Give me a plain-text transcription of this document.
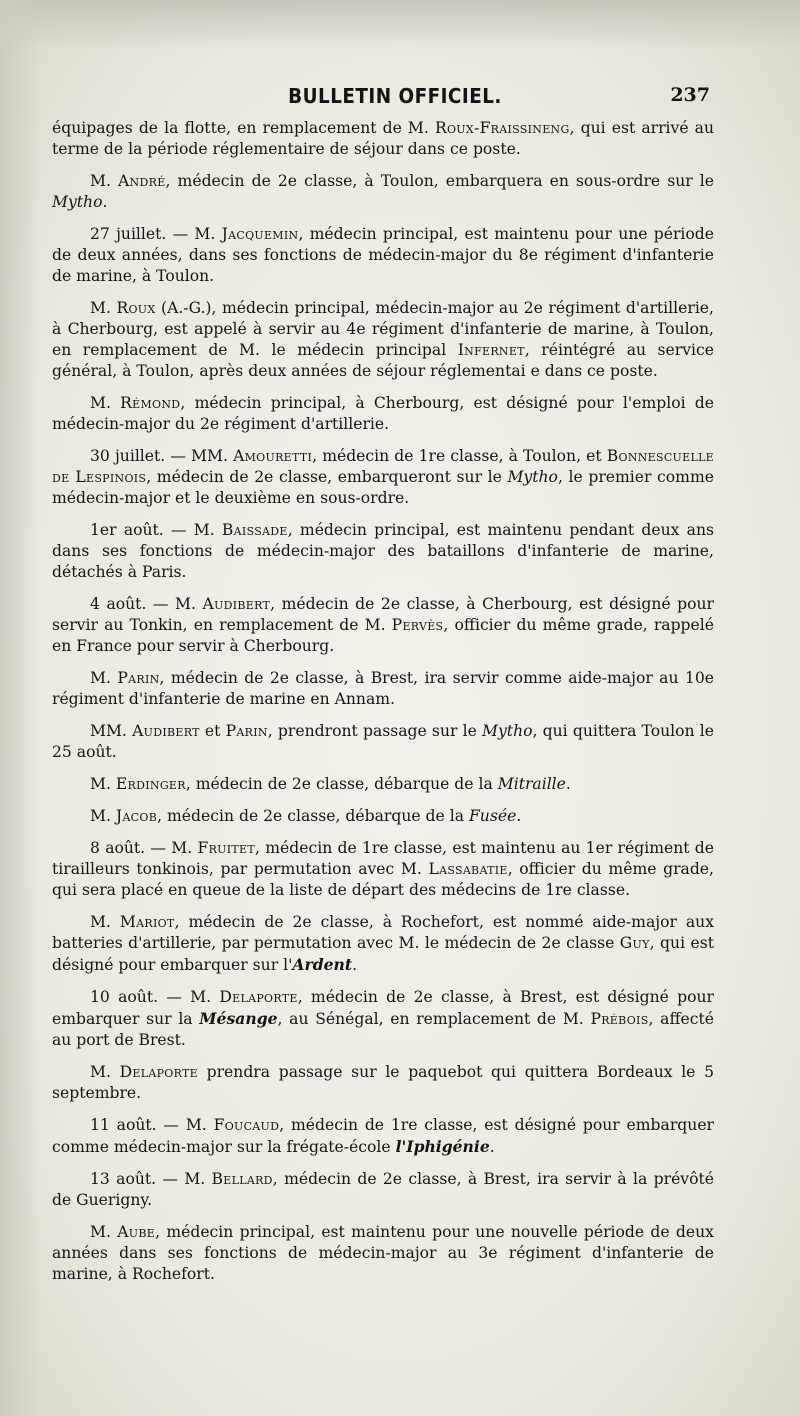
BULLETIN OFFICIEL.	237

équipages de la flotte, en remplacement de M. Roux-Fraissineng, qui est arrivé au terme de la période réglementaire de séjour dans ce poste.

M. André, médecin de 2e classe, à Toulon, embarquera en sous-ordre sur le Mytho.

27 juillet. — M. Jacquemin, médecin principal, est maintenu pour une période de deux années, dans ses fonctions de médecin-major du 8e régiment d'infanterie de marine, à Toulon.

M. Roux (A.-G.), médecin principal, médecin-major au 2e régiment d'artillerie, à Cherbourg, est appelé à servir au 4e régiment d'infanterie de marine, à Toulon, en remplacement de M. le médecin principal Infernet, réintégré au service général, à Toulon, après deux années de séjour réglementai e dans ce poste.

M. Rémond, médecin principal, à Cherbourg, est désigné pour l'emploi de médecin-major du 2e régiment d'artillerie.

30 juillet. — MM. Amouretti, médecin de 1re classe, à Toulon, et Bonnescuelle de Lespinois, médecin de 2e classe, embarqueront sur le Mytho, le premier comme médecin-major et le deuxième en sous-ordre.

1er août. — M. Baissade, médecin principal, est maintenu pendant deux ans dans ses fonctions de médecin-major des bataillons d'infanterie de marine, détachés à Paris.

4 août. — M. Audibert, médecin de 2e classe, à Cherbourg, est désigné pour servir au Tonkin, en remplacement de M. Pervès, officier du même grade, rappelé en France pour servir à Cherbourg.

M. Parin, médecin de 2e classe, à Brest, ira servir comme aide-major au 10e régiment d'infanterie de marine en Annam.

MM. Audibert et Parin, prendront passage sur le Mytho, qui quittera Toulon le 25 août.

M. Erdinger, médecin de 2e classe, débarque de la Mitraille.

M. Jacob, médecin de 2e classe, débarque de la Fusée.

8 août. — M. Fruitet, médecin de 1re classe, est maintenu au 1er régiment de tirailleurs tonkinois, par permutation avec M. Lassabatie, officier du même grade, qui sera placé en queue de la liste de départ des médecins de 1re classe.

M. Mariot, médecin de 2e classe, à Rochefort, est nommé aide-major aux batteries d'artillerie, par permutation avec M. le médecin de 2e classe Guy, qui est désigné pour embarquer sur l'Ardent.

10 août. — M. Delaporte, médecin de 2e classe, à Brest, est désigné pour embarquer sur la Mésange, au Sénégal, en remplacement de M. Prébois, affecté au port de Brest.

M. Delaporte prendra passage sur le paquebot qui quittera Bordeaux le 5 septembre.

11 août. — M. Foucaud, médecin de 1re classe, est désigné pour embarquer comme médecin-major sur la frégate-école l'Iphigénie.

13 août. — M. Bellard, médecin de 2e classe, à Brest, ira servir à la prévôté de Guerigny.

M. Aube, médecin principal, est maintenu pour une nouvelle période de deux années dans ses fonctions de médecin-major au 3e régiment d'infanterie de marine, à Rochefort.
